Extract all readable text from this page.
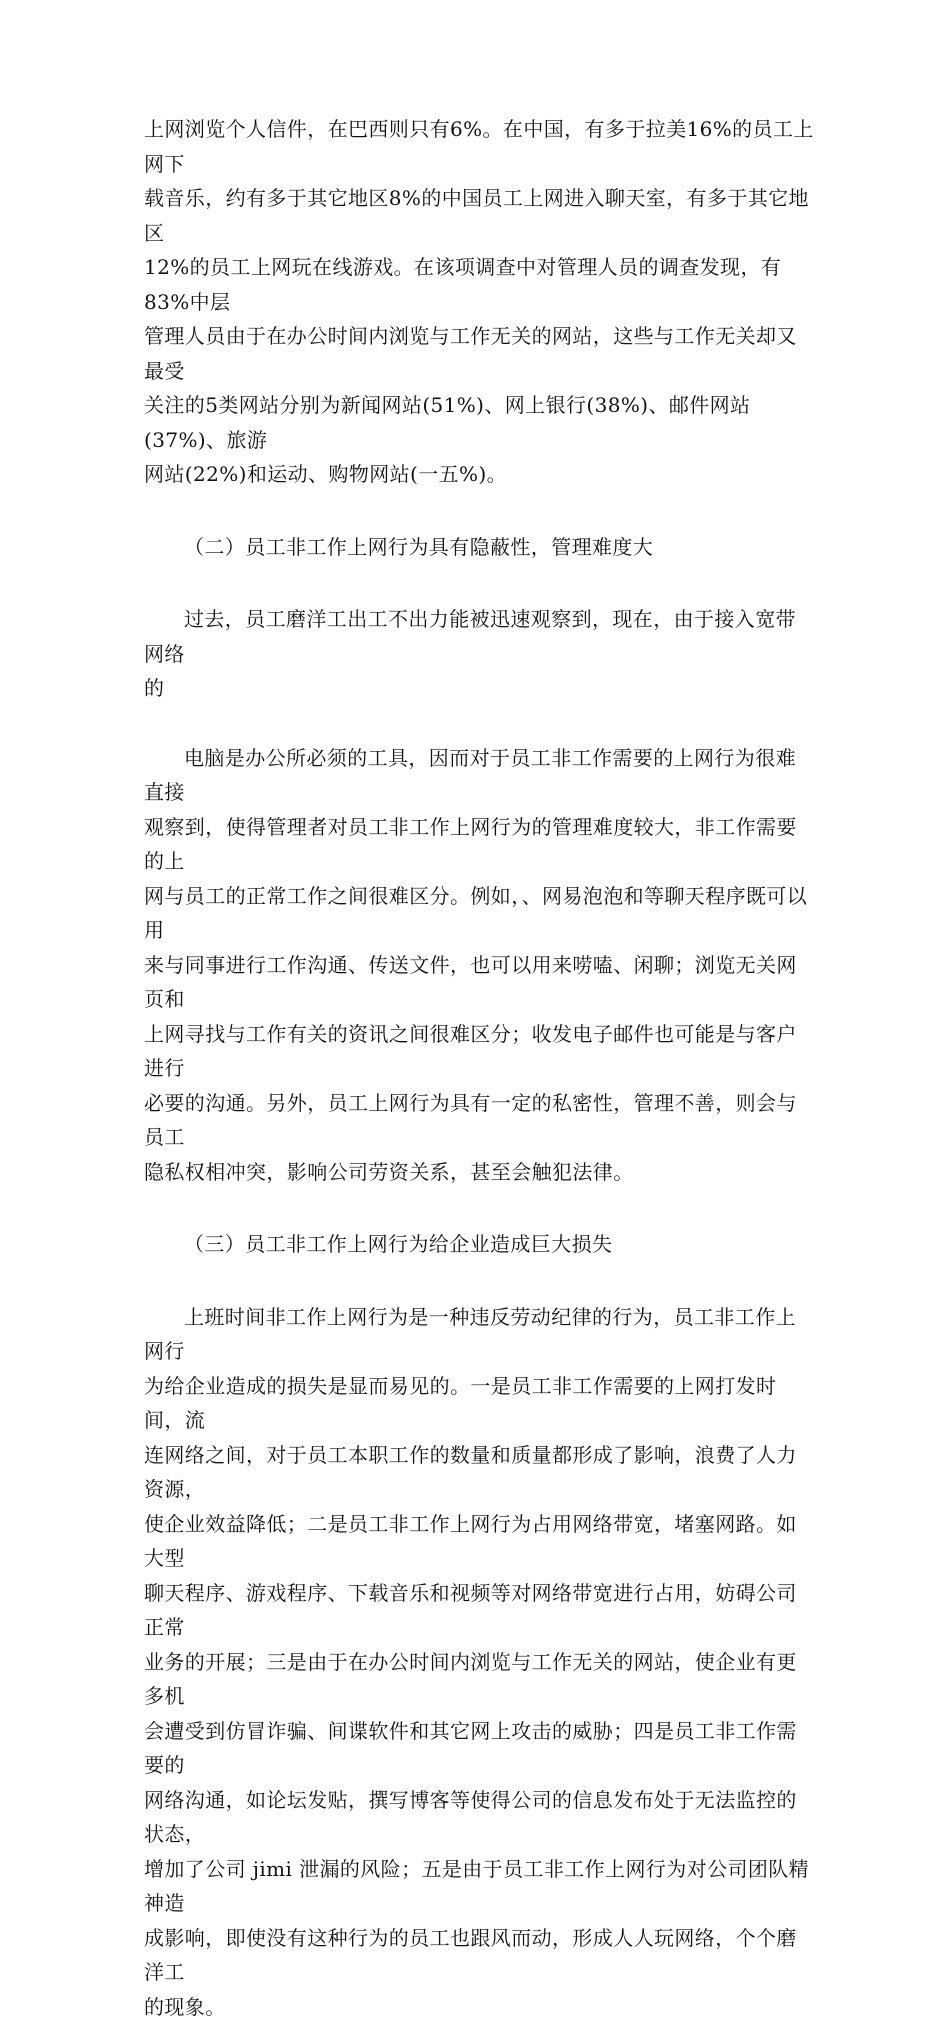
上网浏览个人信件，在巴西则只有6%。在中国，有多于拉美16%的员工上网下
载音乐，约有多于其它地区8%的中国员工上网进入聊天室，有多于其它地区
12%的员工上网玩在线游戏。在该项调查中对管理人员的调查发现，有83%中层
管理人员由于在办公时间内浏览与工作无关的网站，这些与工作无关却又最受
关注的5类网站分别为新闻网站(51%)、网上银行(38%)、邮件网站(37%)、旅游
网站(22%)和运动、购物网站(一五%)。

（二）员工非工作上网行为具有隐蔽性，管理难度大

过去，员工磨洋工出工不出力能被迅速观察到，现在，由于接入宽带网络
的

电脑是办公所必须的工具，因而对于员工非工作需要的上网行为很难直接
观察到，使得管理者对员工非工作上网行为的管理难度较大，非工作需要的上
网与员工的正常工作之间很难区分。例如，、网易泡泡和等聊天程序既可以用
来与同事进行工作沟通、传送文件，也可以用来唠嗑、闲聊；浏览无关网页和
上网寻找与工作有关的资讯之间很难区分；收发电子邮件也可能是与客户进行
必要的沟通。另外，员工上网行为具有一定的私密性，管理不善，则会与员工
隐私权相冲突，影响公司劳资关系，甚至会触犯法律。

（三）员工非工作上网行为给企业造成巨大损失

上班时间非工作上网行为是一种违反劳动纪律的行为，员工非工作上网行
为给企业造成的损失是显而易见的。一是员工非工作需要的上网打发时间，流
连网络之间，对于员工本职工作的数量和质量都形成了影响，浪费了人力资源，
使企业效益降低；二是员工非工作上网行为占用网络带宽，堵塞网路。如大型
聊天程序、游戏程序、下载音乐和视频等对网络带宽进行占用，妨碍公司正常
业务的开展；三是由于在办公时间内浏览与工作无关的网站，使企业有更多机
会遭受到仿冒诈骗、间谍软件和其它网上攻击的威胁；四是员工非工作需要的
网络沟通，如论坛发贴，撰写博客等使得公司的信息发布处于无法监控的状态，
增加了公司 jimi 泄漏的风险；五是由于员工非工作上网行为对公司团队精神造
成影响，即使没有这种行为的员工也跟风而动，形成人人玩网络，个个磨洋工
的现象。
